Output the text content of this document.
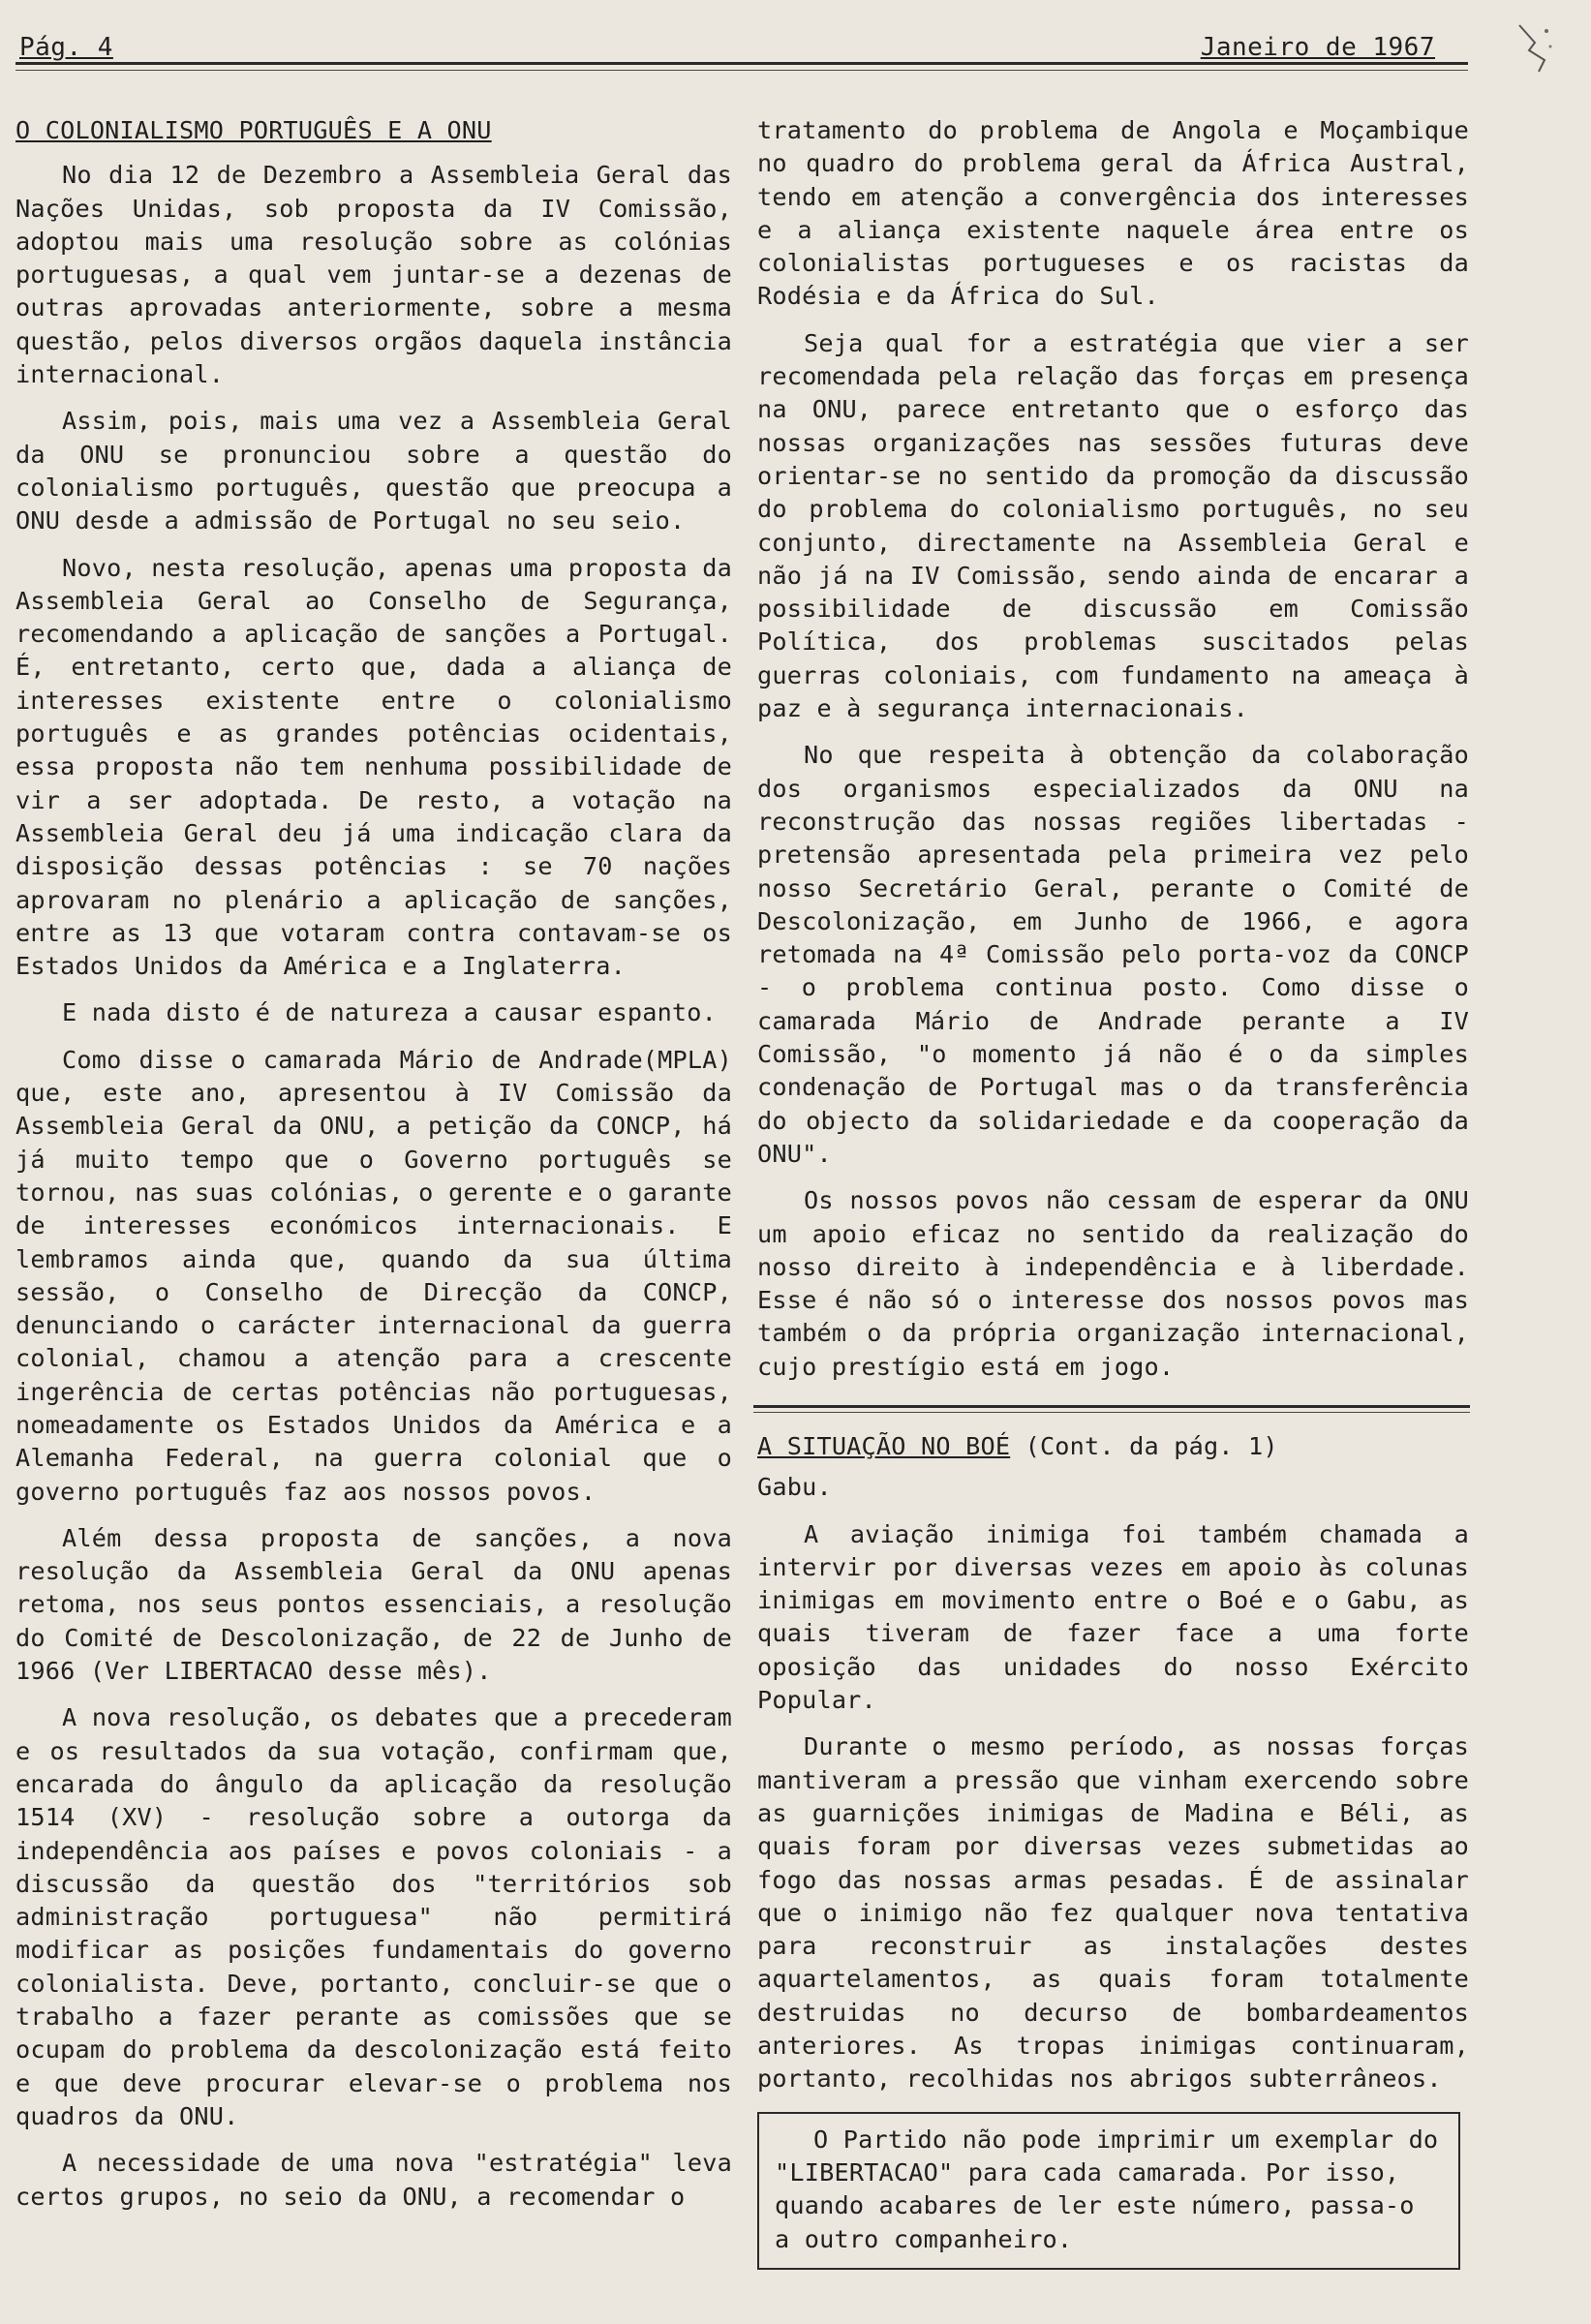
Pág. 4	Janeiro de 1967
O COLONIALISMO PORTUGUÊS E A ONU

No dia 12 de Dezembro a Assembleia Geral das Nações Unidas, sob proposta da IV Comissão, adoptou mais uma resolução sobre as colónias portuguesas, a qual vem juntar-se a dezenas de outras aprovadas anteriormente, sobre a mesma questão, pelos diversos orgãos daquela instância internacional.

Assim, pois, mais uma vez a Assembleia Geral da ONU se pronunciou sobre a questão do colonialismo português, questão que preocupa a ONU desde a admissão de Portugal no seu seio.

Novo, nesta resolução, apenas uma proposta da Assembleia Geral ao Conselho de Segurança, recomendando a aplicação de sanções a Portugal. É, entretanto, certo que, dada a aliança de interesses existente entre o colonialismo português e as grandes potências ocidentais, essa proposta não tem nenhuma possibilidade de vir a ser adoptada. De resto, a votação na Assembleia Geral deu já uma indicação clara da disposição dessas potências : se 70 nações aprovaram no plenário a aplicação de sanções, entre as 13 que votaram contra contavam-se os Estados Unidos da América e a Inglaterra.

E nada disto é de natureza a causar espanto.

Como disse o camarada Mário de Andrade(MPLA) que, este ano, apresentou à IV Comissão da Assembleia Geral da ONU, a petição da CONCP, há já muito tempo que o Governo português se tornou, nas suas colónias, o gerente e o garante de interesses económicos internacionais. E lembramos ainda que, quando da sua última sessão, o Conselho de Direcção da CONCP, denunciando o carácter internacional da guerra colonial, chamou a atenção para a crescente ingerência de certas potências não portuguesas, nomeadamente os Estados Unidos da América e a Alemanha Federal, na guerra colonial que o governo português faz aos nossos povos.

Além dessa proposta de sanções, a nova resolução da Assembleia Geral da ONU apenas retoma, nos seus pontos essenciais, a resolução do Comité de Descolonização, de 22 de Junho de 1966 (Ver LIBERTACAO desse mês).

A nova resolução, os debates que a precederam e os resultados da sua votação, confirmam que, encarada do ângulo da aplicação da resolução 1514 (XV) - resolução sobre a outorga da independência aos países e povos coloniais - a discussão da questão dos "territórios sob administração portuguesa" não permitirá modificar as posições fundamentais do governo colonialista. Deve, portanto, concluir-se que o trabalho a fazer perante as comissões que se ocupam do problema da descolonização está feito e que deve procurar elevar-se o problema nos quadros da ONU.

A necessidade de uma nova "estratégia" leva certos grupos, no seio da ONU, a recomendar o

tratamento do problema de Angola e Moçambique no quadro do problema geral da África Austral, tendo em atenção a convergência dos interesses e a aliança existente naquele área entre os colonialistas portugueses e os racistas da Rodésia e da África do Sul.

Seja qual for a estratégia que vier a ser recomendada pela relação das forças em presença na ONU, parece entretanto que o esforço das nossas organizações nas sessões futuras deve orientar-se no sentido da promoção da discussão do problema do colonialismo português, no seu conjunto, directamente na Assembleia Geral e não já na IV Comissão, sendo ainda de encarar a possibilidade de discussão em Comissão Política, dos problemas suscitados pelas guerras coloniais, com fundamento na ameaça à paz e à segurança internacionais.

No que respeita à obtenção da colaboração dos organismos especializados da ONU na reconstrução das nossas regiões libertadas - pretensão apresentada pela primeira vez pelo nosso Secretário Geral, perante o Comité de Descolonização, em Junho de 1966, e agora retomada na 4ª Comissão pelo porta-voz da CONCP - o problema continua posto. Como disse o camarada Mário de Andrade perante a IV Comissão, "o momento já não é o da simples condenação de Portugal mas o da transferência do objecto da solidariedade e da cooperação da ONU".

Os nossos povos não cessam de esperar da ONU um apoio eficaz no sentido da realização do nosso direito à independência e à liberdade. Esse é não só o interesse dos nossos povos mas também o da própria organização internacional, cujo prestígio está em jogo.

A SITUAÇÃO NO BOÉ (Cont. da pág. 1)

Gabu.

A aviação inimiga foi também chamada a intervir por diversas vezes em apoio às colunas inimigas em movimento entre o Boé e o Gabu, as quais tiveram de fazer face a uma forte oposição das unidades do nosso Exército Popular.

Durante o mesmo período, as nossas forças mantiveram a pressão que vinham exercendo sobre as guarnições inimigas de Madina e Béli, as quais foram por diversas vezes submetidas ao fogo das nossas armas pesadas. É de assinalar que o inimigo não fez qualquer nova tentativa para reconstruir as instalações destes aquartelamentos, as quais foram totalmente destruidas no decurso de bombardeamentos anteriores. As tropas inimigas continuaram, portanto, recolhidas nos abrigos subterrâneos.

O Partido não pode imprimir um exemplar do "LIBERTACAO" para cada camarada. Por isso, quando acabares de ler este número, passa-o a outro companheiro.
